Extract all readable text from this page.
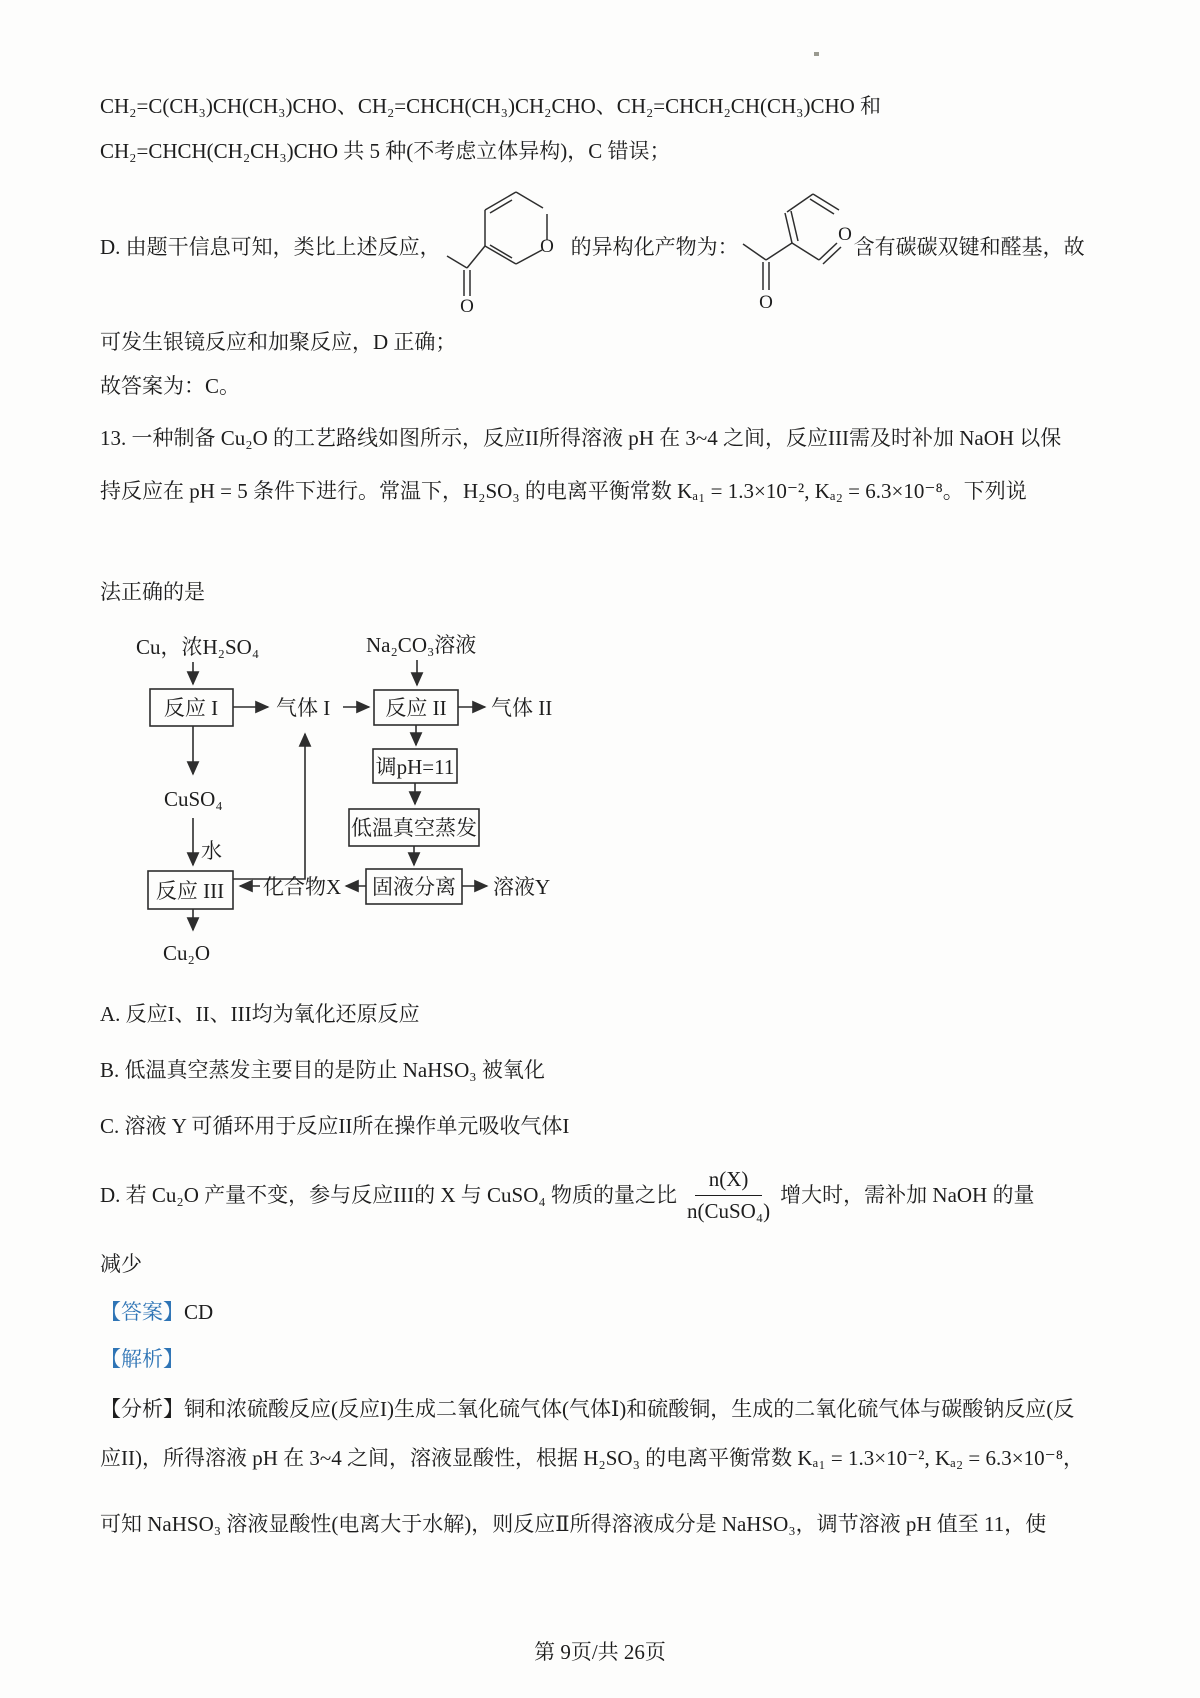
CH₂=C(CH₃)CH(CH₃)CHO、CH₂=CHCH(CH₃)CH₂CHO、CH₂=CHCH₂CH(CH₃)CHO 和
CH₂=CHCH(CH₂CH₃)CHO 共 5 种(不考虑立体异构)，C 错误；
D. 由题干信息可知，类比上述反应，	O
O
的异构化产物为：
O
O
含有碳碳双键和醛基，故
可发生银镜反应和加聚反应，D 正确；
故答案为：C。
13. 一种制备 Cu₂O 的工艺路线如图所示，反应II所得溶液 pH 在 3~4 之间，反应III需及时补加 NaOH 以保
持反应在 pH = 5 条件下进行。常温下，H₂SO₃ 的电离平衡常数 Kₐ₁ = 1.3×10⁻², Kₐ₂ = 6.3×10⁻⁸。下列说
法正确的是
Cu，浓H₂SO₄	Na₂CO₃溶液
反应 I	气体 I	反应 II 气体 II
调pH=11
低温真空蒸发
固液分离 溶液Y
化合物X
CuSO₄
水
反应 III
Cu₂O
A. 反应I、II、III均为氧化还原反应
B. 低温真空蒸发主要目的是防止 NaHSO₃ 被氧化
C. 溶液 Y 可循环用于反应II所在操作单元吸收气体I
D. 若 Cu₂O 产量不变，参与反应III的 X 与 CuSO₄ 物质的量之比 $\frac{n(X)}{\text{n(CuSO₄)}}$ 增大时，需补加 NaOH 的量
减少
【答案】CD
【解析】
【分析】铜和浓硫酸反应(反应I)生成二氧化硫气体(气体Ⅰ)和硫酸铜，生成的二氧化硫气体与碳酸钠反应(反
应II)，所得溶液 pH 在 3~4 之间，溶液显酸性，根据 H₂SO₃ 的电离平衡常数 Kₐ₁ = 1.3×10⁻², Kₐ₂ = 6.3×10⁻⁸，
可知 NaHSO₃ 溶液显酸性(电离大于水解)，则反应Ⅱ所得溶液成分是 NaHSO₃，调节溶液 pH 值至 11，使
第 9页/共 26页
